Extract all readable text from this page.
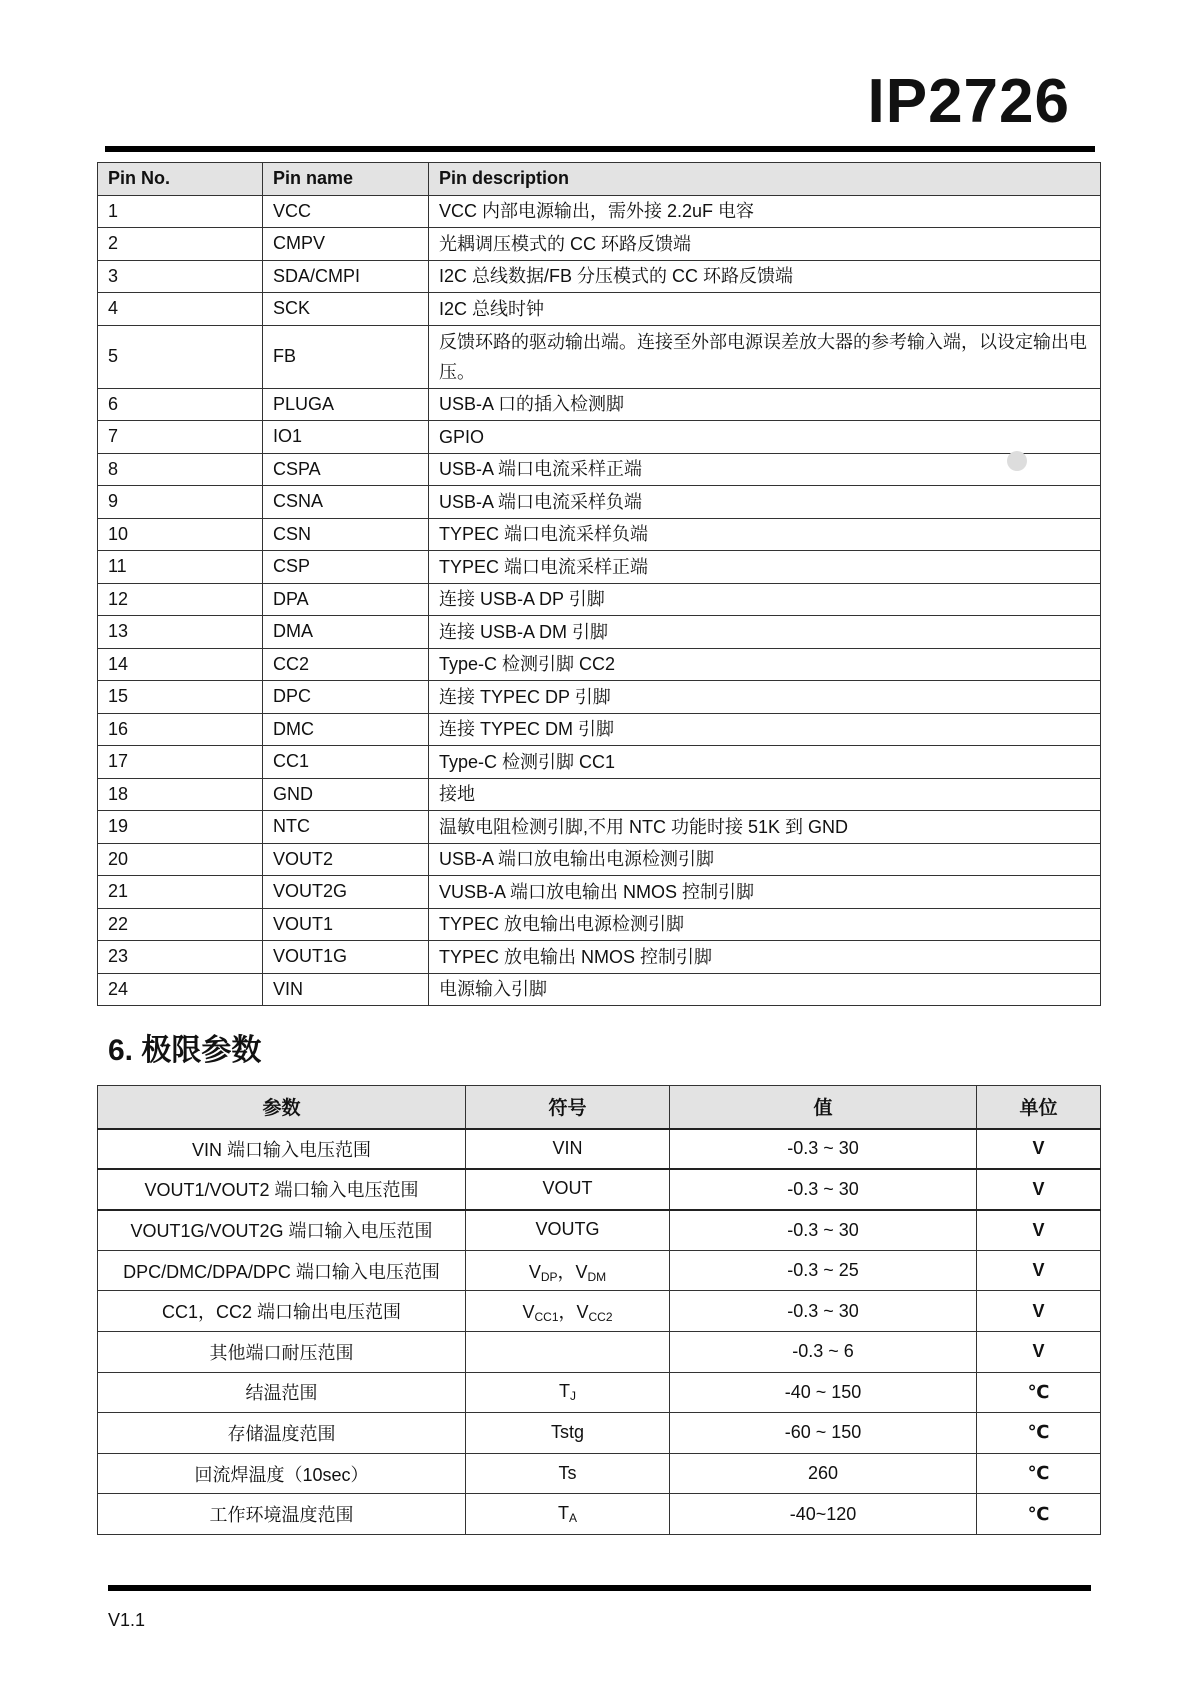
IP2726
Pin No.	Pin name	Pin description
1	VCC	VCC 内部电源输出，需外接 2.2uF 电容
2	CMPV	光耦调压模式的 CC 环路反馈端
3	SDA/CMPI	I2C 总线数据/FB 分压模式的 CC 环路反馈端
4	SCK	I2C 总线时钟
5	FB	反馈环路的驱动输出端。连接至外部电源误差放大器的参考输入端，以设定输出电压。
6	PLUGA	USB-A 口的插入检测脚
7	IO1	GPIO
8	CSPA	USB-A 端口电流采样正端
9	CSNA	USB-A 端口电流采样负端
10	CSN	TYPEC 端口电流采样负端
11	CSP	TYPEC 端口电流采样正端
12	DPA	连接 USB-A DP 引脚
13	DMA	连接 USB-A DM 引脚
14	CC2	Type-C 检测引脚 CC2
15	DPC	连接 TYPEC DP 引脚
16	DMC	连接 TYPEC DM 引脚
17	CC1	Type-C 检测引脚 CC1
18	GND	接地
19	NTC	温敏电阻检测引脚,不用 NTC 功能时接 51K 到 GND
20	VOUT2	USB-A 端口放电输出电源检测引脚
21	VOUT2G	VUSB-A 端口放电输出 NMOS 控制引脚
22	VOUT1	TYPEC 放电输出电源检测引脚
23	VOUT1G	TYPEC 放电输出 NMOS 控制引脚
24	VIN	电源输入引脚
6. 极限参数
参数	符号	值	单位
VIN 端口输入电压范围	VIN	-0.3 ~ 30	V
VOUT1/VOUT2 端口输入电压范围	VOUT	-0.3 ~ 30	V
VOUT1G/VOUT2G 端口输入电压范围	VOUTG	-0.3 ~ 30	V
DPC/DMC/DPA/DPC 端口输入电压范围	$V_{DP}$，$V_{DM}$	-0.3 ~ 25	V
CC1，CC2 端口输出电压范围	$V_{CC1}$，$V_{CC2}$	-0.3 ~ 30	V
其他端口耐压范围		-0.3 ~ 6	V
结温范围	$T_J$	-40 ~ 150	℃
存储温度范围	Tstg	-60 ~ 150	℃
回流焊温度（10sec）	Ts	260	℃
工作环境温度范围	$T_A$	-40~120	℃
V1.1
